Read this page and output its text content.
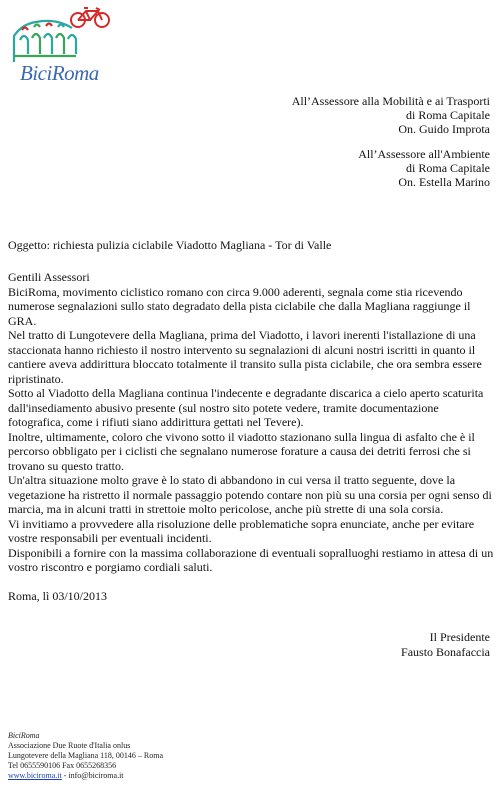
BiciRoma
All’Assessore alla Mobilità e ai Trasporti
di Roma Capitale
On. Guido Improta
All’Assessore all'Ambiente
di Roma Capitale
On. Estella Marino
Oggetto: richiesta pulizia ciclabile Viadotto Magliana - Tor di Valle

Gentili Assessori

BiciRoma, movimento ciclistico romano con circa 9.000 aderenti, segnala come stia ricevendo numerose segnalazioni sullo stato degradato della pista ciclabile che dalla Magliana raggiunge il GRA.

Nel tratto di Lungotevere della Magliana, prima del Viadotto, i lavori inerenti l'istallazione di una staccionata hanno richiesto il nostro intervento su segnalazioni di alcuni nostri iscritti in quanto il cantiere aveva addirittura bloccato totalmente il transito sulla pista ciclabile, che ora sembra essere ripristinato.

Sotto al Viadotto della Magliana continua l'indecente e degradante discarica a cielo aperto scaturita dall'insediamento abusivo presente (sul nostro sito potete vedere, tramite documentazione fotografica, come i rifiuti siano addirittura gettati nel Tevere).

Inoltre, ultimamente, coloro che vivono sotto il viadotto stazionano sulla lingua di asfalto che è il percorso obbligato per i ciclisti che segnalano numerose forature a causa dei detriti ferrosi che si trovano su questo tratto.

Un'altra situazione molto grave è lo stato di abbandono in cui versa il tratto seguente, dove la vegetazione ha ristretto il normale passaggio potendo contare non più su una corsia per ogni senso di marcia, ma in alcuni tratti in strettoie molto pericolose, anche più strette di una sola corsia.

Vi invitiamo a provvedere alla risoluzione delle problematiche sopra enunciate, anche per evitare vostre responsabili per eventuali incidenti.

Disponibili a fornire con la massima collaborazione di eventuali sopralluoghi restiamo in attesa di un vostro riscontro e porgiamo cordiali saluti.

Roma, lì 03/10/2013
Il Presidente
Fausto Bonafaccia
BiciRoma
Associazione Due Ruote d'Italia onlus
Lungotevere della Magliana 118, 00146 – Roma
Tel 0655590106 Fax 0655268356
www.biciroma.it - info@biciroma.it
